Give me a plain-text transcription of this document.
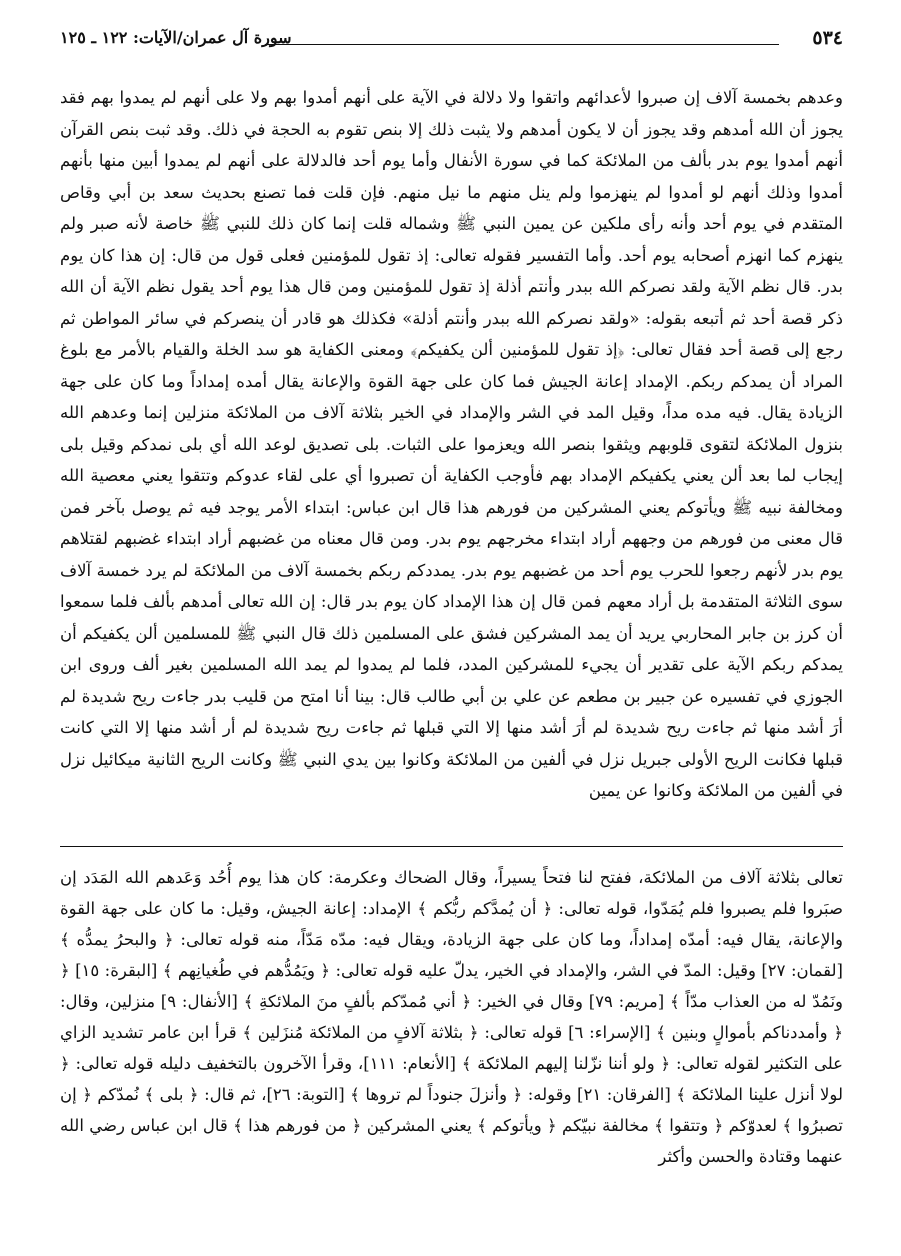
٥٣٤
سورة آل عمران/الآيات: ١٢٢ ـ ١٢٥
وعدهم بخمسة آلاف إن صبروا لأعدائهم واتقوا ولا دلالة في الآية على أنهم أمدوا بهم ولا على أنهم لم يمدوا بهم فقد يجوز أن الله أمدهم وقد يجوز أن لا يكون أمدهم ولا يثبت ذلك إلا بنص تقوم به الحجة في ذلك. وقد ثبت بنص القرآن أنهم أمدوا يوم بدر بألف من الملائكة كما في سورة الأنفال وأما يوم أحد فالدلالة على أنهم لم يمدوا أبين منها بأنهم أمدوا وذلك أنهم لو أمدوا لم ينهزموا ولم ينل منهم ما نيل منهم. فإن قلت فما تصنع بحديث سعد بن أبي وقاص المتقدم في يوم أحد وأنه رأى ملكين عن يمين النبي ﷺ وشماله قلت إنما كان ذلك للنبي ﷺ خاصة لأنه صبر ولم ينهزم كما انهزم أصحابه يوم أحد. وأما التفسير فقوله تعالى: إذ تقول للمؤمنين فعلى قول من قال: إن هذا كان يوم بدر. قال نظم الآية ولقد نصركم الله ببدر وأنتم أذلة إذ تقول للمؤمنين ومن قال هذا يوم أحد يقول نظم الآية أن الله ذكر قصة أحد ثم أتبعه بقوله: «ولقد نصركم الله ببدر وأنتم أذلة» فكذلك هو قادر أن ينصركم في سائر المواطن ثم رجع إلى قصة أحد فقال تعالى: ﴿إذ تقول للمؤمنين ألن يكفيكم﴾ ومعنى الكفاية هو سد الخلة والقيام بالأمر مع بلوغ المراد أن يمدكم ربكم. الإمداد إعانة الجيش فما كان على جهة القوة والإعانة يقال أمده إمداداً وما كان على جهة الزيادة يقال. فيه مده مداً، وقيل المد في الشر والإمداد في الخير بثلاثة آلاف من الملائكة منزلين إنما وعدهم الله بنزول الملائكة لتقوى قلوبهم ويثقوا بنصر الله ويعزموا على الثبات. بلى تصديق لوعد الله أي بلى نمدكم وقيل بلى إيجاب لما بعد ألن يعني يكفيكم الإمداد بهم فأوجب الكفاية أن تصبروا أي على لقاء عدوكم وتتقوا يعني معصية الله ومخالفة نبيه ﷺ ويأتوكم يعني المشركين من فورهم هذا قال ابن عباس: ابتداء الأمر يوجد فيه ثم يوصل بآخر فمن قال معنى من فورهم من وجههم أراد ابتداء مخرجهم يوم بدر. ومن قال معناه من غضبهم أراد ابتداء غضبهم لقتلاهم يوم بدر لأنهم رجعوا للحرب يوم أحد من غضبهم يوم بدر. يمددكم ربكم بخمسة آلاف من الملائكة لم يرد خمسة آلاف سوى الثلاثة المتقدمة بل أراد معهم فمن قال إن هذا الإمداد كان يوم بدر قال: إن الله تعالى أمدهم بألف فلما سمعوا أن كرز بن جابر المحاربي يريد أن يمد المشركين فشق على المسلمين ذلك قال النبي ﷺ للمسلمين ألن يكفيكم أن يمدكم ربكم الآية على تقدير أن يجيء للمشركين المدد، فلما لم يمدوا لم يمد الله المسلمين بغير ألف وروى ابن الجوزي في تفسيره عن جبير بن مطعم عن علي بن أبي طالب قال: بينا أنا امتح من قليب بدر جاءت ريح شديدة لم أرَ أشد منها ثم جاءت ريح شديدة لم أرَ أشد منها إلا التي قبلها ثم جاءت ريح شديدة لم أر أشد منها إلا التي كانت قبلها فكانت الريح الأولى جبريل نزل في ألفين من الملائكة وكانوا بين يدي النبي ﷺ وكانت الريح الثانية ميكائيل نزل في ألفين من الملائكة وكانوا عن يمين
تعالى بثلاثة آلاف من الملائكة، ففتح لنا فتحاً يسيراً، وقال الضحاك وعكرمة: كان هذا يوم أُحُد وَعَدهم الله المَدَد إن صبَروا فلم يصبروا فلم يُمَدّوا، قوله تعالى: ﴿ أن يُمدَّكم ربُّكم ﴾ الإمداد: إعانة الجيش، وقيل: ما كان على جهة القوة والإعانة، يقال فيه: أمدّه إمداداً، وما كان على جهة الزيادة، ويقال فيه: مدّه مَدّاً، منه قوله تعالى: ﴿ والبحرُ يمدُّه ﴾ [لقمان: ٢٧] وقيل: المدّ في الشر، والإمداد في الخير، يدلّ عليه قوله تعالى: ﴿ ويَمُدُّهم في طُغيانِهم ﴾ [البقرة: ١٥] ﴿ ونَمُدّ له من العذاب مدّاً ﴾ [مريم: ٧٩] وقال في الخير: ﴿ أني مُمدّكم بألفٍ منَ الملائكةِ ﴾ [الأنفال: ٩] منزلين، وقال: ﴿ وأمددناكم بأموالٍ وبنين ﴾ [الإسراء: ٦] قوله تعالى: ﴿ بثلاثة آلافٍ من الملائكة مُنزَلين ﴾ قرأ ابن عامر تشديد الزاي على التكثير لقوله تعالى: ﴿ ولو أننا نزّلنا إليهم الملائكة ﴾ [الأنعام: ١١١]، وقرأ الآخرون بالتخفيف دليله قوله تعالى: ﴿ لولا أنزل علينا الملائكة ﴾ [الفرقان: ٢١] وقوله: ﴿ وأنزلَ جنوداً لم تروها ﴾ [التوبة: ٢٦]، ثم قال: ﴿ بلى ﴾ نُمدّكم ﴿ إن تصبرُوا ﴾ لعدوّكم ﴿ وتتقوا ﴾ مخالفة نبيّكم ﴿ ويأتوكم ﴾ يعني المشركين ﴿ من فورهم هذا ﴾ قال ابن عباس رضي الله عنهما وقتادة والحسن وأكثر
